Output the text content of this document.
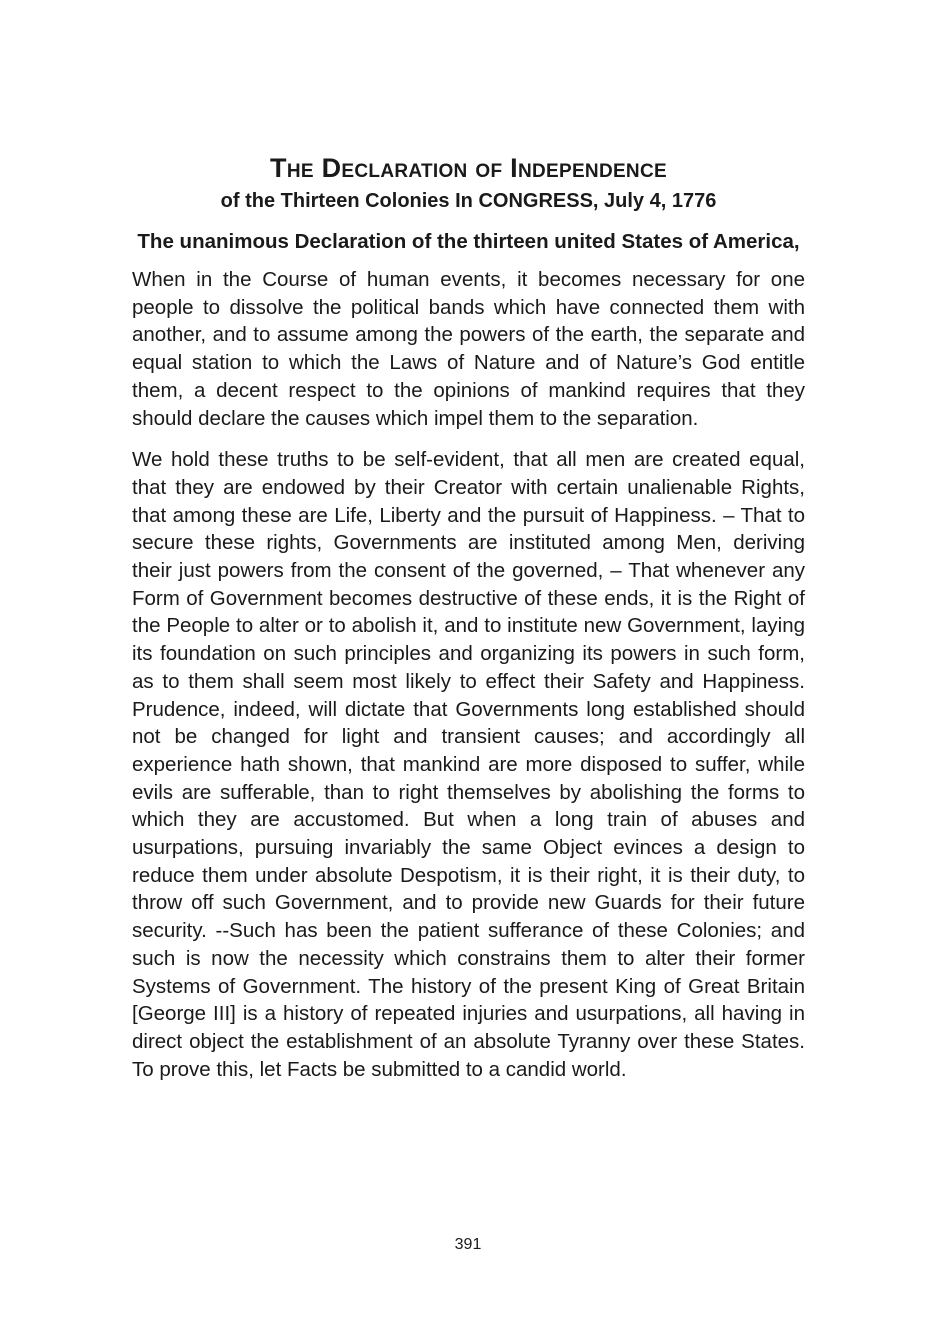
The Declaration of Independence

of the Thirteen Colonies In CONGRESS, July 4, 1776

The unanimous Declaration of the thirteen united States of America,

When in the Course of human events, it becomes necessary for one people to dissolve the political bands which have connected them with another, and to assume among the powers of the earth, the separate and equal station to which the Laws of Nature and of Nature’s God entitle them, a decent respect to the opinions of mankind requires that they should declare the causes which impel them to the separation.

We hold these truths to be self-evident, that all men are created equal, that they are endowed by their Creator with certain unalienable Rights, that among these are Life, Liberty and the pursuit of Happiness. – That to secure these rights, Governments are instituted among Men, deriving their just powers from the consent of the governed, – That whenever any Form of Government becomes destructive of these ends, it is the Right of the People to alter or to abolish it, and to institute new Government, laying its foundation on such principles and organizing its powers in such form, as to them shall seem most likely to effect their Safety and Happiness. Prudence, indeed, will dictate that Governments long established should not be changed for light and transient causes; and accordingly all experience hath shown, that mankind are more disposed to suffer, while evils are sufferable, than to right themselves by abolishing the forms to which they are accustomed. But when a long train of abuses and usurpations, pursuing invariably the same Object evinces a design to reduce them under absolute Despotism, it is their right, it is their duty, to throw off such Government, and to provide new Guards for their future security. --Such has been the patient sufferance of these Colonies; and such is now the necessity which constrains them to alter their former Systems of Government. The history of the present King of Great Britain [George III] is a history of repeated injuries and usurpations, all having in direct object the establishment of an absolute Tyranny over these States. To prove this, let Facts be submitted to a candid world.

391
